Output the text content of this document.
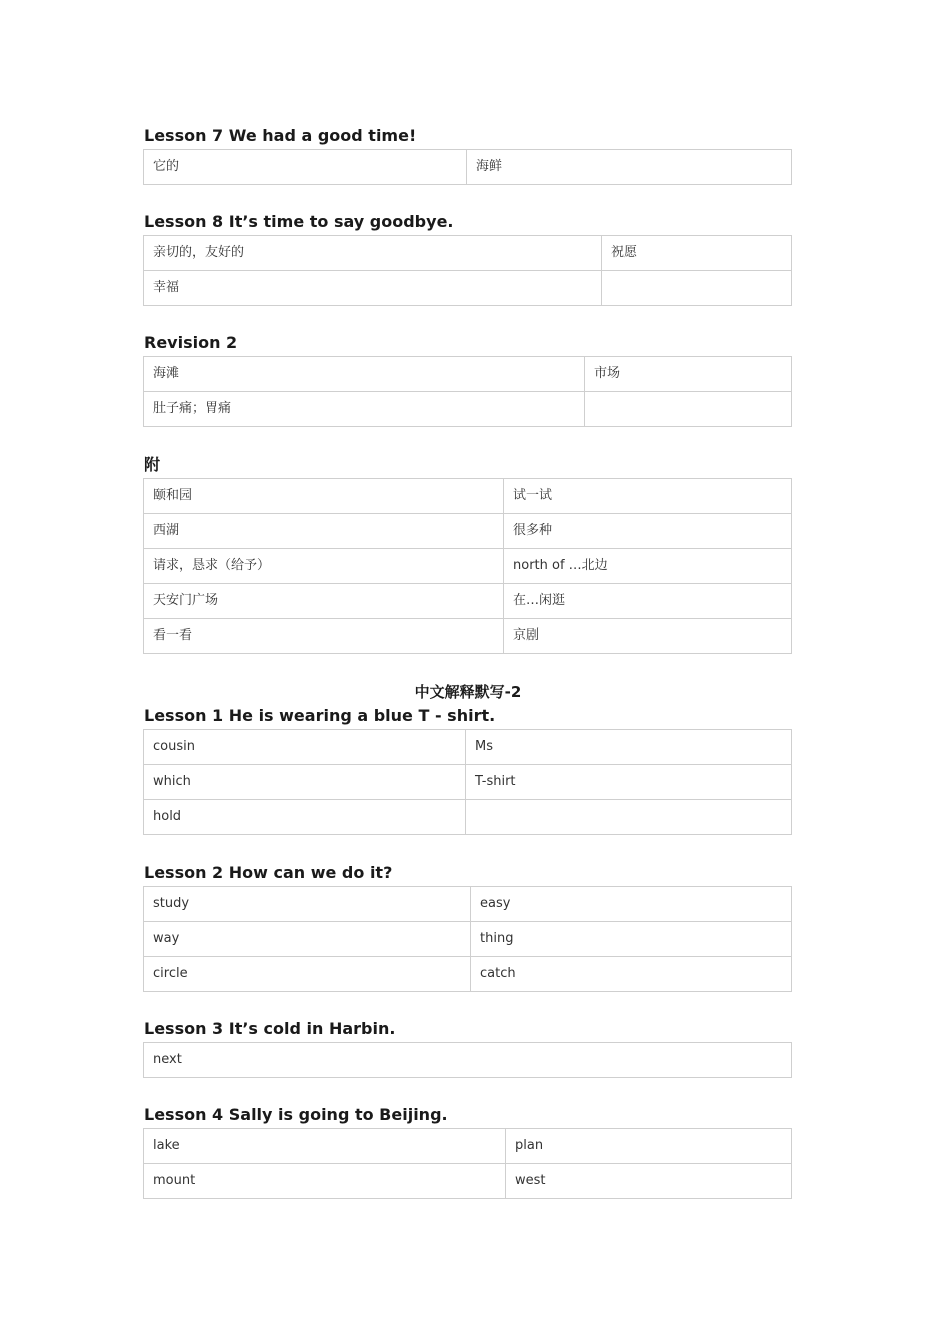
Lesson 7 We had a good time!
它的	海鲜
Lesson 8 It’s time to say goodbye.
亲切的，友好的	祝愿
幸福	
Revision 2
海滩	市场
肚子痛；胃痛	
附
颐和园	试一试
西湖	很多种
请求，恳求（给予）	north of …北边
天安门广场	在…闲逛
看一看	京剧
中文解释默写-2
Lesson 1 He is wearing a blue T - shirt.
cousin	Ms
which	T-shirt
hold	
Lesson 2 How can we do it?
study	easy
way	thing
circle	catch
Lesson 3 It’s cold in Harbin.
next
Lesson 4 Sally is going to Beijing.
lake	plan
mount	west
